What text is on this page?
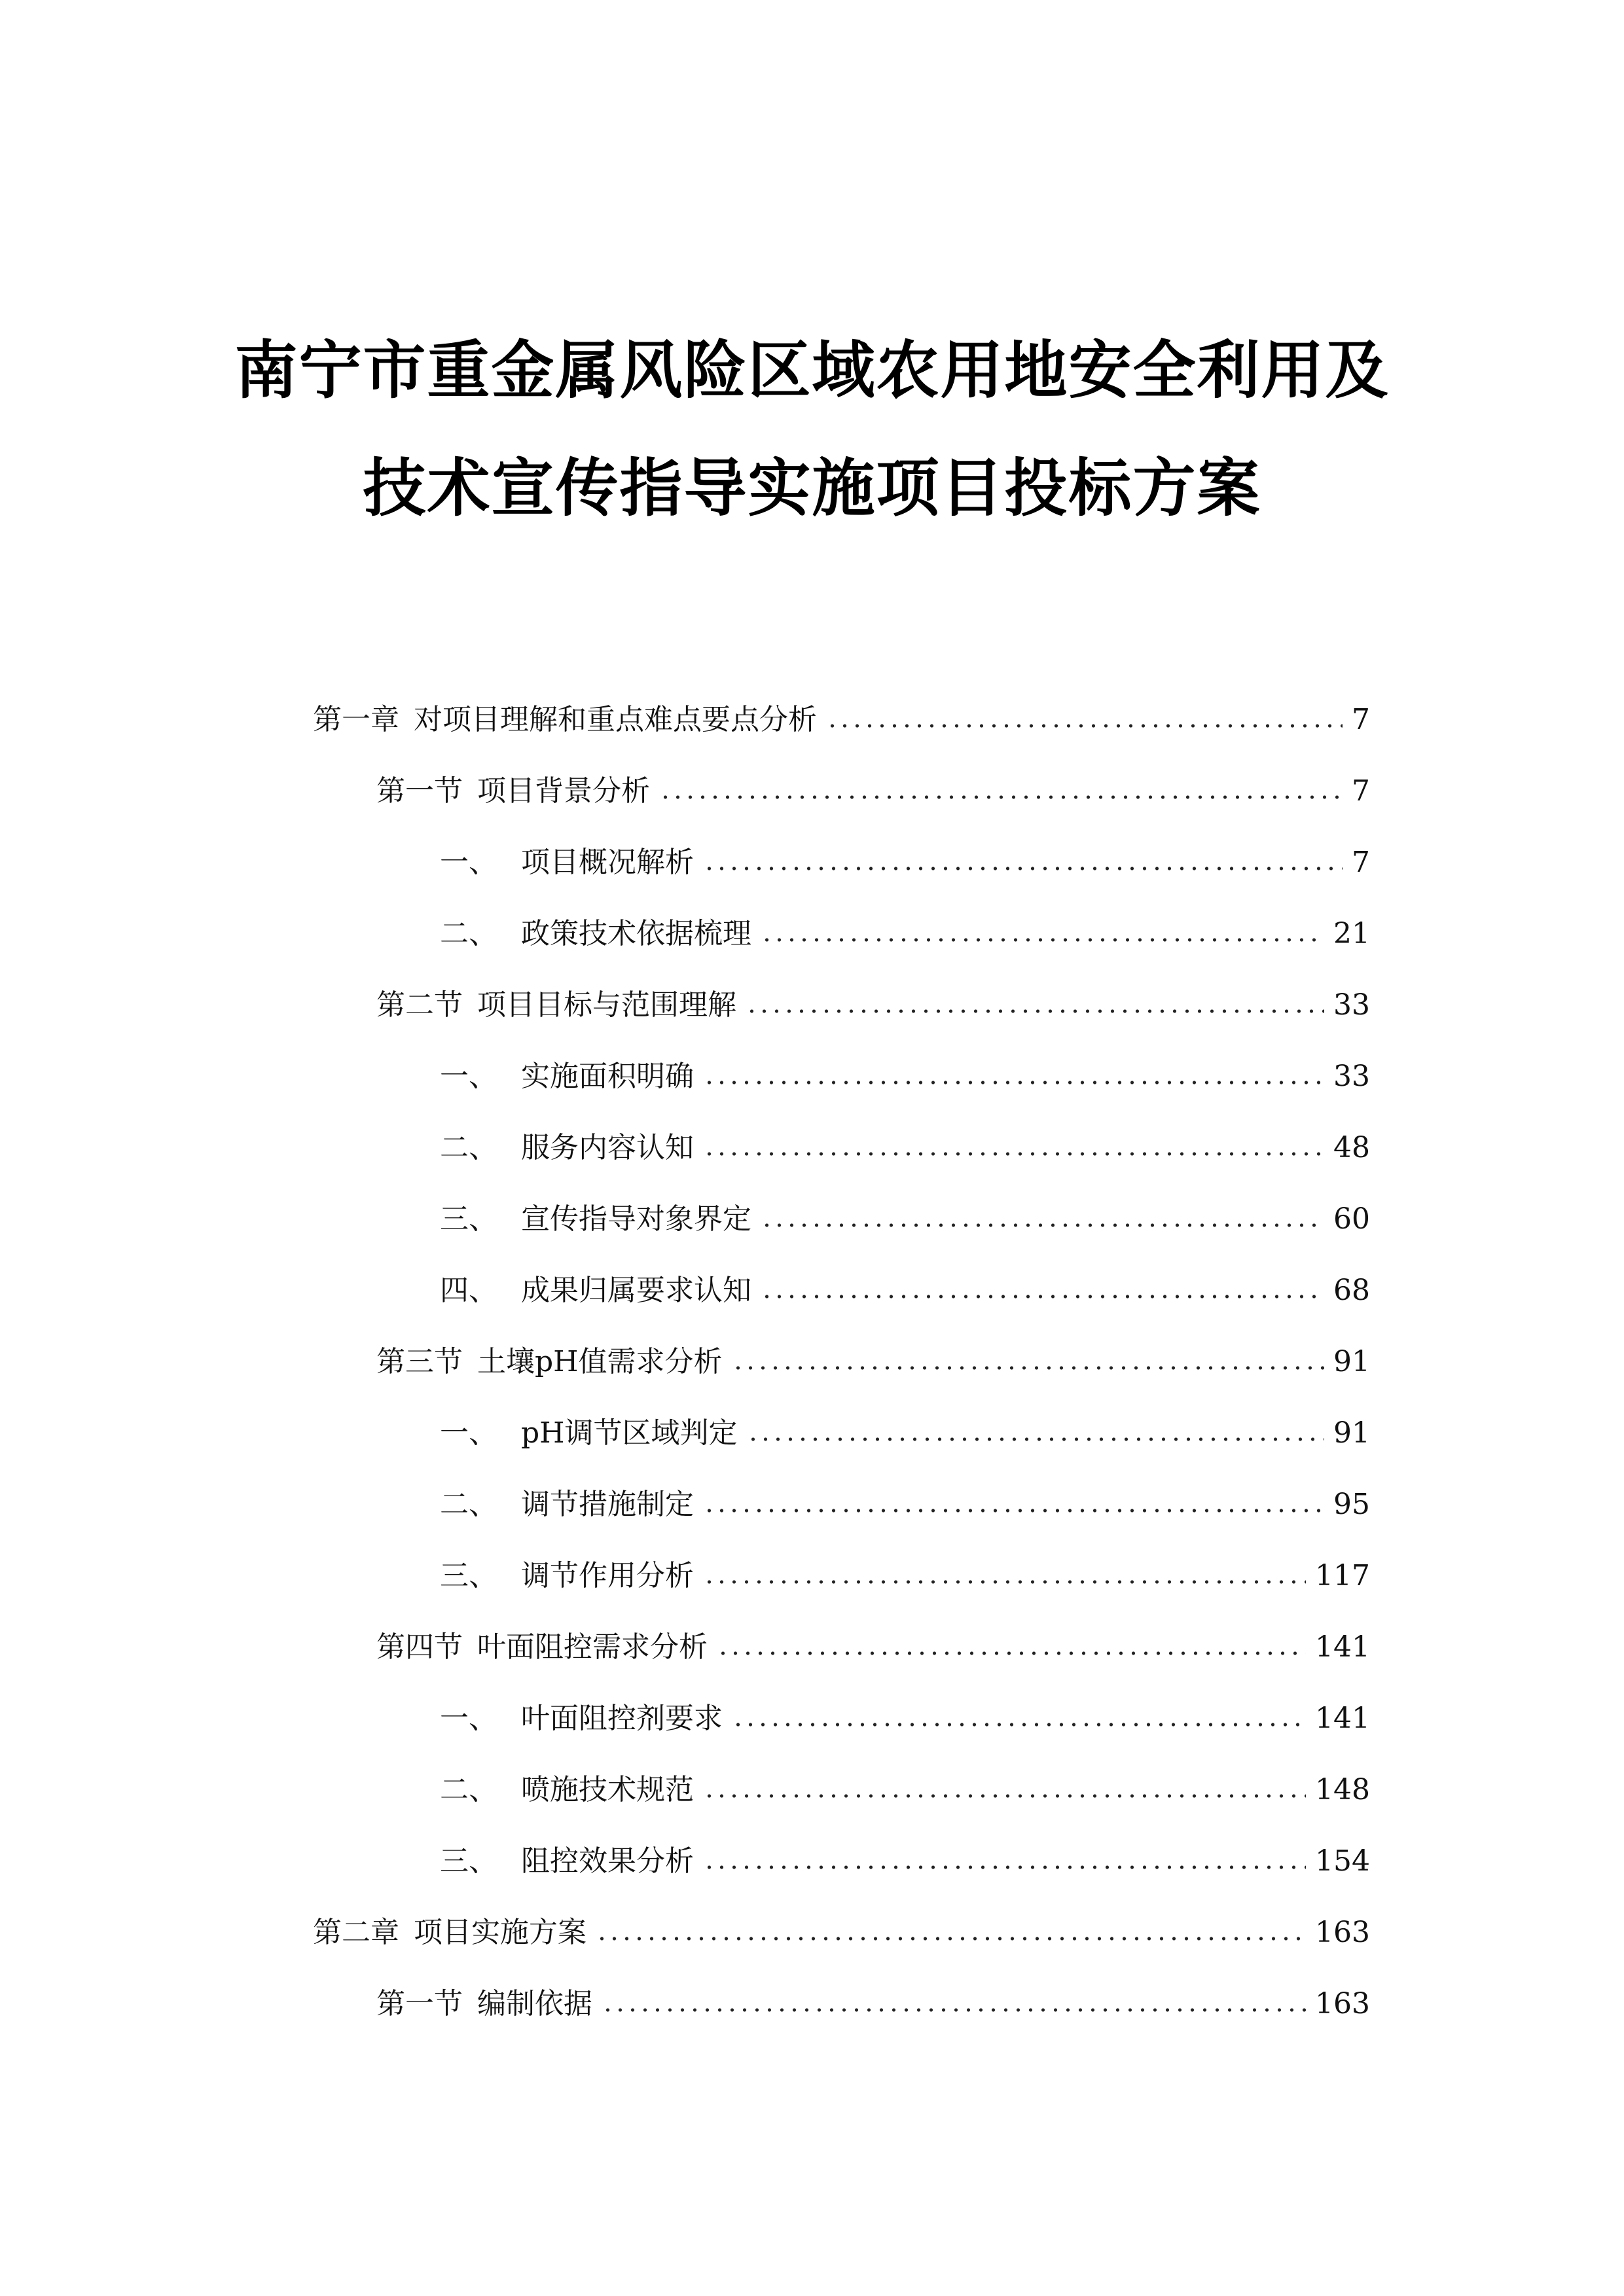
南宁市重金属风险区域农用地安全利用及
技术宣传指导实施项目投标方案
第一章 对项目理解和重点难点要点分析	7
第一节 项目背景分析	7
一、 项目概况解析	7
二、 政策技术依据梳理	21
第二节 项目目标与范围理解	33
一、 实施面积明确	33
二、 服务内容认知	48
三、 宣传指导对象界定	60
四、 成果归属要求认知	68
第三节 土壤pH值需求分析	91
一、 pH调节区域判定	91
二、 调节措施制定	95
三、 调节作用分析	117
第四节 叶面阻控需求分析	141
一、 叶面阻控剂要求	141
二、 喷施技术规范	148
三、 阻控效果分析	154
第二章 项目实施方案	163
第一节 编制依据	163
